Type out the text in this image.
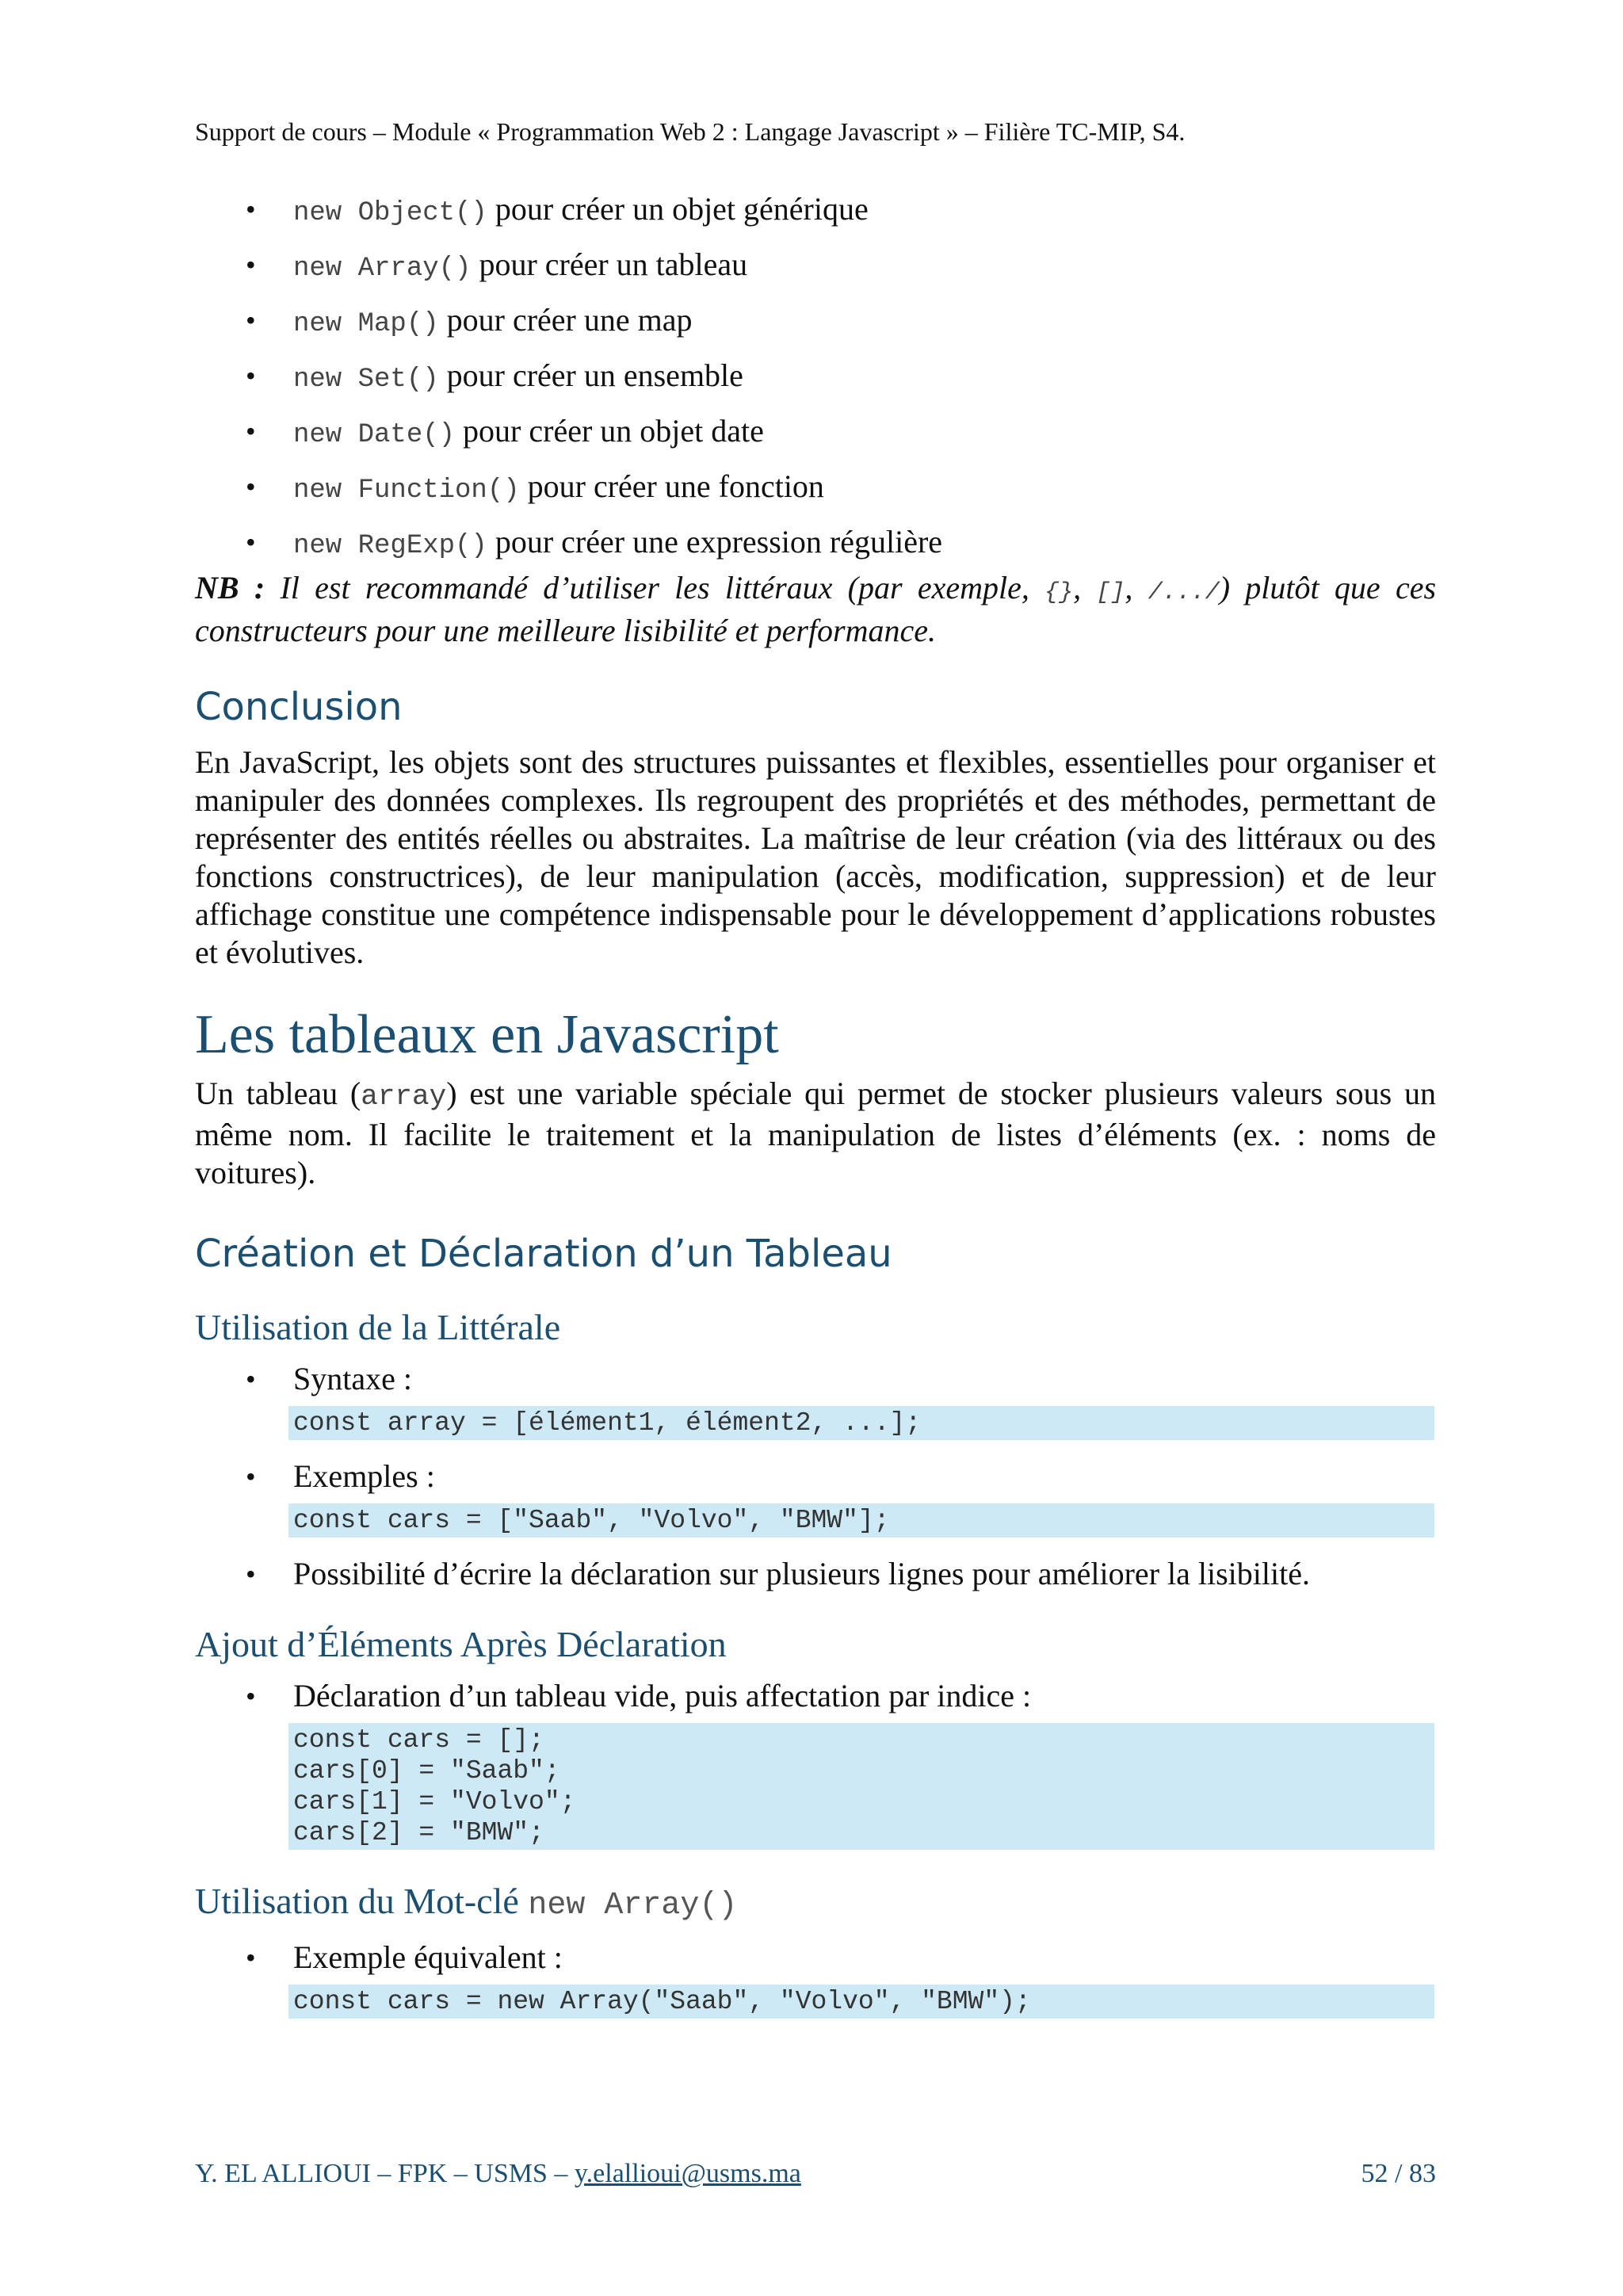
Support de cours – Module « Programmation Web 2 : Langage Javascript » – Filière TC-MIP, S4.
• new Object() pour créer un objet générique
• new Array() pour créer un tableau
• new Map() pour créer une map
• new Set() pour créer un ensemble
• new Date() pour créer un objet date
• new Function() pour créer une fonction
• new RegExp() pour créer une expression régulière
NB : Il est recommandé d’utiliser les littéraux (par exemple, {}, [], /.../) plutôt que ces constructeurs pour une meilleure lisibilité et performance.
Conclusion

En JavaScript, les objets sont des structures puissantes et flexibles, essentielles pour organiser et manipuler des données complexes. Ils regroupent des propriétés et des méthodes, permettant de représenter des entités réelles ou abstraites. La maîtrise de leur création (via des littéraux ou des fonctions constructrices), de leur manipulation (accès, modification, suppression) et de leur affichage constitue une compétence indispensable pour le développement d’applications robustes et évolutives.

Les tableaux en Javascript

Un tableau (array) est une variable spéciale qui permet de stocker plusieurs valeurs sous un même nom. Il facilite le traitement et la manipulation de listes d’éléments (ex. : noms de voitures).

Création et Déclaration d’un Tableau
Utilisation de la Littérale
• Syntaxe :
const array = [élément1, élément2, ...];
• Exemples :
const cars = ["Saab", "Volvo", "BMW"];
• Possibilité d’écrire la déclaration sur plusieurs lignes pour améliorer la lisibilité.
Ajout d’Éléments Après Déclaration
• Déclaration d’un tableau vide, puis affectation par indice :
const cars = [];
cars[0] = "Saab";
cars[1] = "Volvo";
cars[2] = "BMW";
Utilisation du Mot-clé new Array()
• Exemple équivalent :
const cars = new Array("Saab", "Volvo", "BMW");
Y. EL ALLIOUI – FPK – USMS – y.elallioui@usms.ma	52 / 83
